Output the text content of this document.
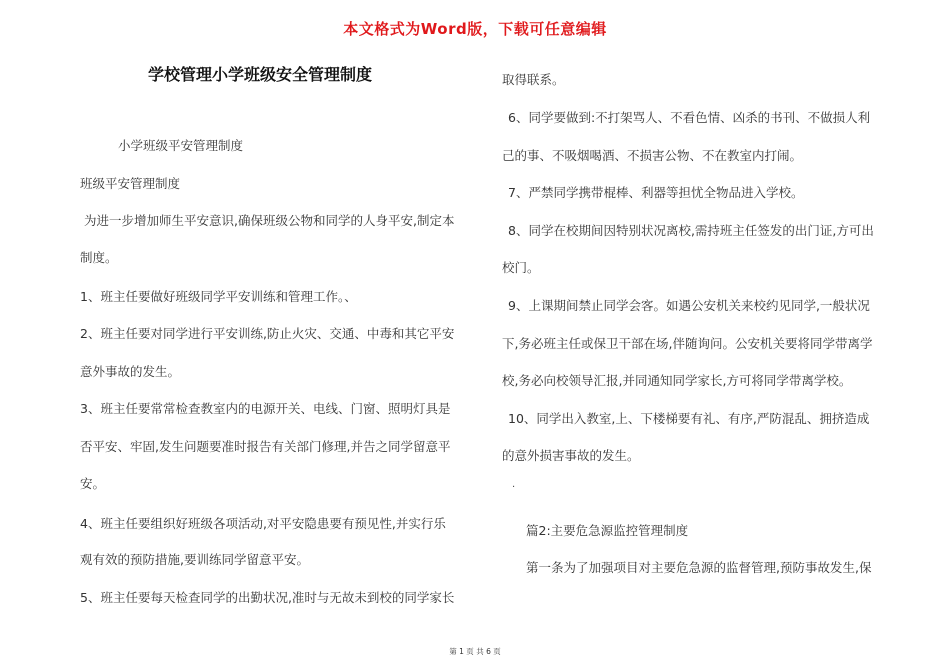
本文格式为Word版，下载可任意编辑
学校管理小学班级安全管理制度

小学班级平安管理制度

班级平安管理制度

为进一步增加师生平安意识,确保班级公物和同学的人身平安,制定本

制度。

1、班主任要做好班级同学平安训练和管理工作。、

2、班主任要对同学进行平安训练,防止火灾、交通、中毒和其它平安

意外事故的发生。

3、班主任要常常检查教室内的电源开关、电线、门窗、照明灯具是

否平安、牢固,发生问题要准时报告有关部门修理,并告之同学留意平

安。

4、班主任要组织好班级各项活动,对平安隐患要有预见性,并实行乐

观有效的预防措施,要训练同学留意平安。

5、班主任要每天检查同学的出勤状况,准时与无故未到校的同学家长

取得联系。

6、同学要做到:不打架骂人、不看色情、凶杀的书刊、不做损人利

己的事、不吸烟喝酒、不损害公物、不在教室内打闹。

7、严禁同学携带棍棒、利器等担忧全物品进入学校。

8、同学在校期间因特别状况离校,需持班主任签发的出门证,方可出

校门。

9、上课期间禁止同学会客。如遇公安机关来校约见同学,一般状况

下,务必班主任或保卫干部在场,伴随询问。公安机关要将同学带离学

校,务必向校领导汇报,并同通知同学家长,方可将同学带离学校。

10、同学出入教室,上、下楼梯要有礼、有序,严防混乱、拥挤造成

的意外损害事故的发生。

篇2:主要危急源监控管理制度

第一条为了加强项目对主要危急源的监督管理,预防事故发生,保

·
第 1 页 共 6 页
